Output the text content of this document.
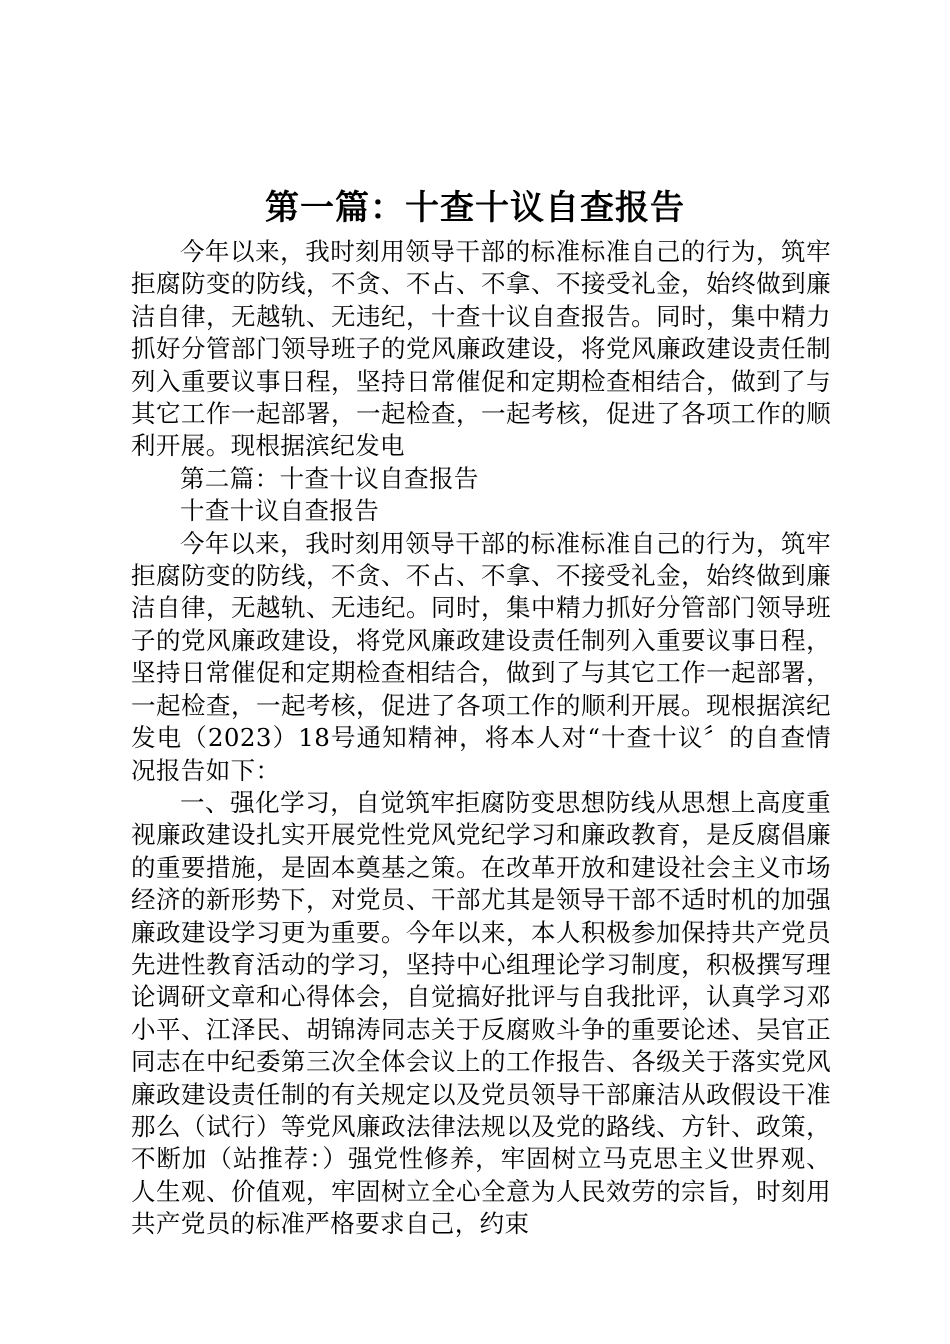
第一篇：十查十议自查报告

今年以来，我时刻用领导干部的标准标准自己的行为，筑牢拒腐防变的防线，不贪、不占、不拿、不接受礼金，始终做到廉洁自律，无越轨、无违纪，十查十议自查报告。同时，集中精力抓好分管部门领导班子的党风廉政建设，将党风廉政建设责任制列入重要议事日程，坚持日常催促和定期检查相结合，做到了与其它工作一起部署，一起检查，一起考核，促进了各项工作的顺利开展。现根据滨纪发电

第二篇：十查十议自查报告

十查十议自查报告

今年以来，我时刻用领导干部的标准标准自己的行为，筑牢拒腐防变的防线，不贪、不占、不拿、不接受礼金，始终做到廉洁自律，无越轨、无违纪。同时，集中精力抓好分管部门领导班子的党风廉政建设，将党风廉政建设责任制列入重要议事日程，坚持日常催促和定期检查相结合，做到了与其它工作一起部署，一起检查，一起考核，促进了各项工作的顺利开展。现根据滨纪发电（2023）18号通知精神，将本人对“十查十议〞的自查情况报告如下：

一、强化学习，自觉筑牢拒腐防变思想防线从思想上高度重视廉政建设扎实开展党性党风党纪学习和廉政教育，是反腐倡廉的重要措施，是固本奠基之策。在改革开放和建设社会主义市场经济的新形势下，对党员、干部尤其是领导干部不适时机的加强廉政建设学习更为重要。今年以来，本人积极参加保持共产党员先进性教育活动的学习，坚持中心组理论学习制度，积极撰写理论调研文章和心得体会，自觉搞好批评与自我批评，认真学习邓小平、江泽民、胡锦涛同志关于反腐败斗争的重要论述、吴官正同志在中纪委第三次全体会议上的工作报告、各级关于落实党风廉政建设责任制的有关规定以及党员领导干部廉洁从政假设干准那么（试行）等党风廉政法律法规以及党的路线、方针、政策，不断加（站推荐：）强党性修养，牢固树立马克思主义世界观、人生观、价值观，牢固树立全心全意为人民效劳的宗旨，时刻用共产党员的标准严格要求自己，约束
